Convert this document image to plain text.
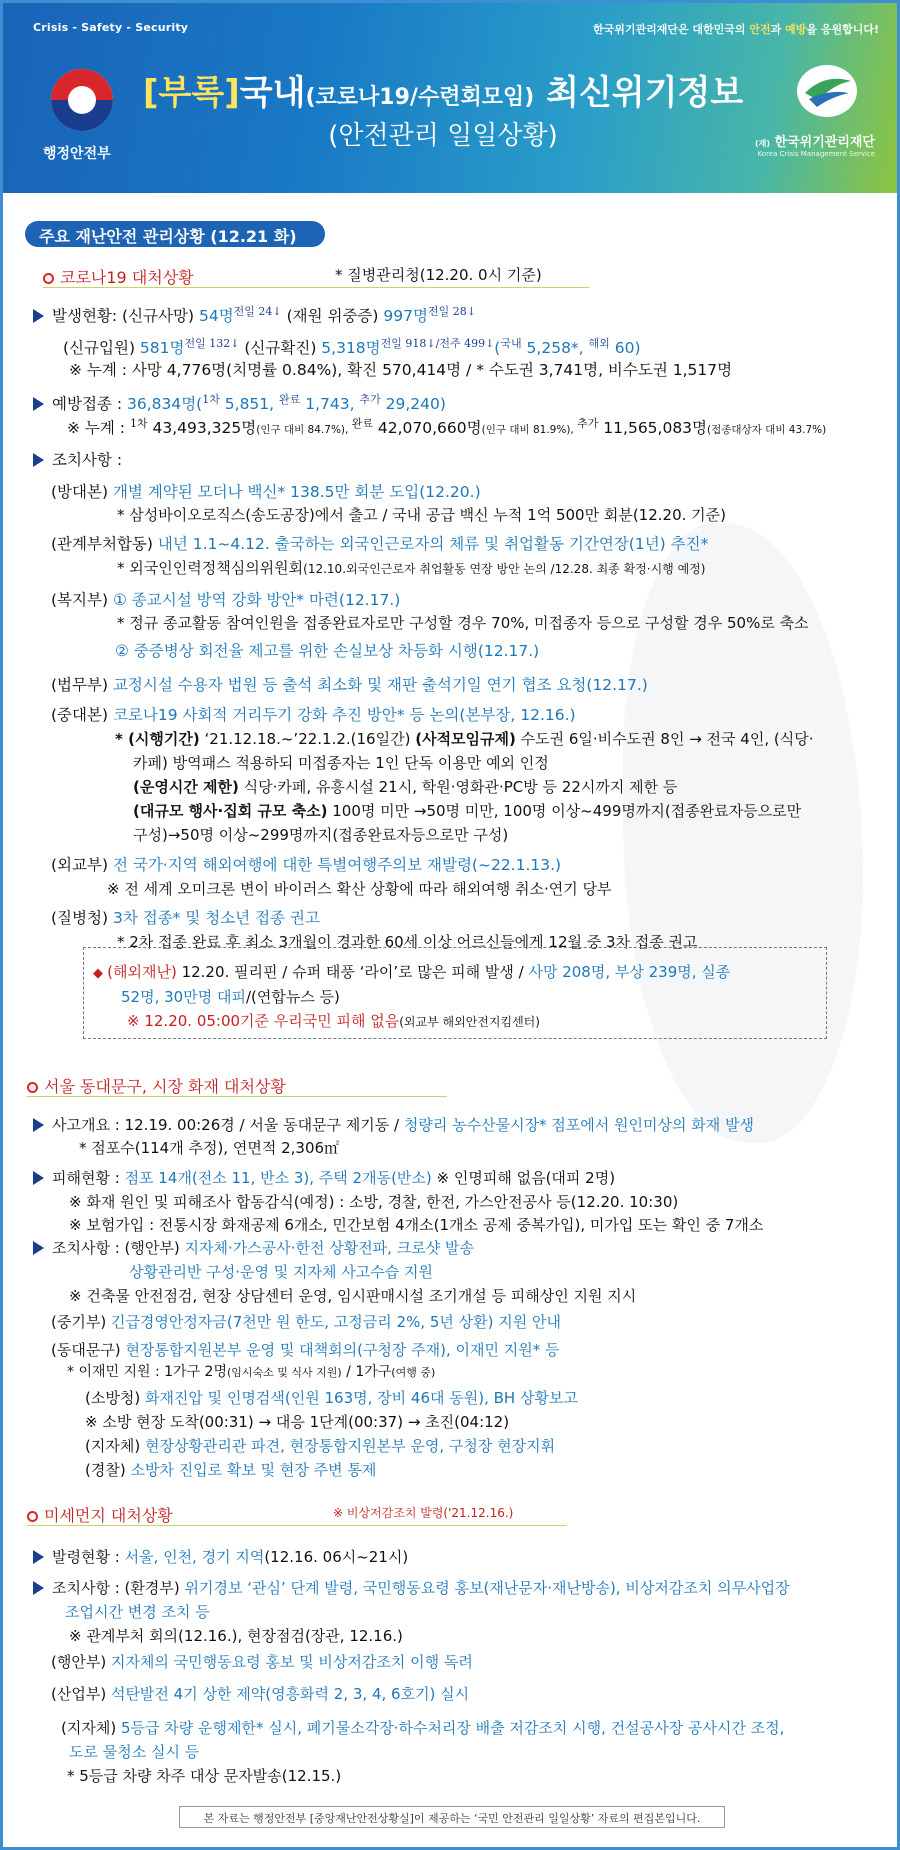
Crisis - Safety - Security	한국위기관리재단은 대한민국의 안전과 예방을 응원합니다!
행정안전부
[부록]국내(코로나19/수련회모임) 최신위기정보
(안전관리 일일상황)	(재) 한국위기관리재단
Korea Crisis Management Service
주요 재난안전 관리상황 (12.21 화)
코로나19 대처상황	* 질병관리청(12.20. 0시 기준)
발생현황: (신규사망) 54명$^{전일 24↓}$ (재원 위중증) 997명$^{전일 28↓}$
(신규입원) 581명$^{전일 132↓}$ (신규확진) 5,318명$^{전일 918↓/전주 499↓}$($^{국내}$ 5,258*, $^{해외}$ 60)
※ 누계 : 사망 4,776명(치명률 0.84%), 확진 570,414명 / * 수도권 3,741명, 비수도권 1,517명
예방접종 : 36,834명($^{1차}$ 5,851, $^{완료}$ 1,743, $^{추가}$ 29,240)
※ 누계 : $^{1차}$ 43,493,325명(인구 대비 84.7%), $^{완료}$ 42,070,660명(인구 대비 81.9%), $^{추가}$ 11,565,083명(접종대상자 대비 43.7%)
조치사항 :
(방대본) 개별 계약된 모더나 백신* 138.5만 회분 도입(12.20.)
* 삼성바이오로직스(송도공장)에서 출고 / 국내 공급 백신 누적 1억 500만 회분(12.20. 기준)
(관계부처합동) 내년 1.1~4.12. 출국하는 외국인근로자의 체류 및 취업활동 기간연장(1년) 추진*
* 외국인인력정책심의위원회(12.10.외국인근로자 취업활동 연장 방안 논의 /12.28. 최종 확정·시행 예정)
(복지부) ① 종교시설 방역 강화 방안* 마련(12.17.)
* 정규 종교활동 참여인원을 접종완료자로만 구성할 경우 70%, 미접종자 등으로 구성할 경우 50%로 축소
② 중증병상 회전율 제고를 위한 손실보상 차등화 시행(12.17.)
(법무부) 교정시설 수용자 법원 등 출석 최소화 및 재판 출석기일 연기 협조 요청(12.17.)
(중대본) 코로나19 사회적 거리두기 강화 추진 방안* 등 논의(본부장, 12.16.)
* (시행기간) ‘21.12.18.~’22.1.2.(16일간) (사적모임규제) 수도권 6일·비수도권 8인 → 전국 4인, (식당·
카페) 방역패스 적용하되 미접종자는 1인 단독 이용만 예외 인정
(운영시간 제한) 식당·카페, 유흥시설 21시, 학원·영화관·PC방 등 22시까지 제한 등
(대규모 행사·집회 규모 축소) 100명 미만 →50명 미만, 100명 이상~499명까지(접종완료자등으로만
구성)→50명 이상~299명까지(접종완료자등으로만 구성)
(외교부) 전 국가·지역 해외여행에 대한 특별여행주의보 재발령(~22.1.13.)
※ 전 세계 오미크론 변이 바이러스 확산 상황에 따라 해외여행 취소·연기 당부
(질병청) 3차 접종* 및 청소년 접종 권고
* 2차 접종 완료 후 최소 3개월이 경과한 60세 이상 어르신들에게 12월 중 3차 접종 권고
◆ (해외재난) 12.20. 필리핀 / 슈퍼 태풍 ‘라이’로 많은 피해 발생 / 사망 208명, 부상 239명, 실종
52명, 30만명 대피/(연합뉴스 등)
※ 12.20. 05:00기준 우리국민 피해 없음(외교부 해외안전지킴센터)
서울 동대문구, 시장 화재 대처상황
사고개요 : 12.19. 00:26경 / 서울 동대문구 제기동 / 청량리 농수산물시장* 점포에서 원인미상의 화재 발생
* 점포수(114개 추정), 연면적 2,306㎡
피해현황 : 점포 14개(전소 11, 반소 3), 주택 2개동(반소) ※ 인명피해 없음(대피 2명)
※ 화재 원인 및 피해조사 합동감식(예정) : 소방, 경찰, 한전, 가스안전공사 등(12.20. 10:30)
※ 보험가입 : 전통시장 화재공제 6개소, 민간보험 4개소(1개소 공제 중복가입), 미가입 또는 확인 중 7개소
조치사항 : (행안부) 지자체·가스공사·한전 상황전파, 크로샷 발송
상황관리반 구성·운영 및 지자체 사고수습 지원
※ 건축물 안전점검, 현장 상담센터 운영, 임시판매시설 조기개설 등 피해상인 지원 지시
(중기부) 긴급경영안정자금(7천만 원 한도, 고정금리 2%, 5년 상환) 지원 안내
(동대문구) 현장통합지원본부 운영 및 대책회의(구청장 주재), 이재민 지원* 등
* 이재민 지원 : 1가구 2명(임시숙소 및 식사 지원) / 1가구(여행 중)
(소방청) 화재진압 및 인명검색(인원 163명, 장비 46대 동원), BH 상황보고
※ 소방 현장 도착(00:31) → 대응 1단계(00:37) → 초진(04:12)
(지자체) 현장상황관리관 파견, 현장통합지원본부 운영, 구청장 현장지휘
(경찰) 소방차 진입로 확보 및 현장 주변 통제
미세먼지 대처상황	※ 비상저감조치 발령('21.12.16.)
발령현황 : 서울, 인천, 경기 지역(12.16. 06시~21시)
조치사항 : (환경부) 위기경보 ‘관심’ 단계 발령, 국민행동요령 홍보(재난문자·재난방송), 비상저감조치 의무사업장
조업시간 변경 조치 등
※ 관계부처 회의(12.16.), 현장점검(장관, 12.16.)
(행안부) 지자체의 국민행동요령 홍보 및 비상저감조치 이행 독려
(산업부) 석탄발전 4기 상한 제약(영흥화력 2, 3, 4, 6호기) 실시
(지자체) 5등급 차량 운행제한* 실시, 폐기물소각장·하수처리장 배출 저감조치 시행, 건설공사장 공사시간 조정,
도로 물청소 실시 등
* 5등급 차량 차주 대상 문자발송(12.15.)
본 자료는 행정안전부 [중앙재난안전상황실]이 제공하는 ‘국민 안전관리 일일상황’ 자료의 편집본입니다.
